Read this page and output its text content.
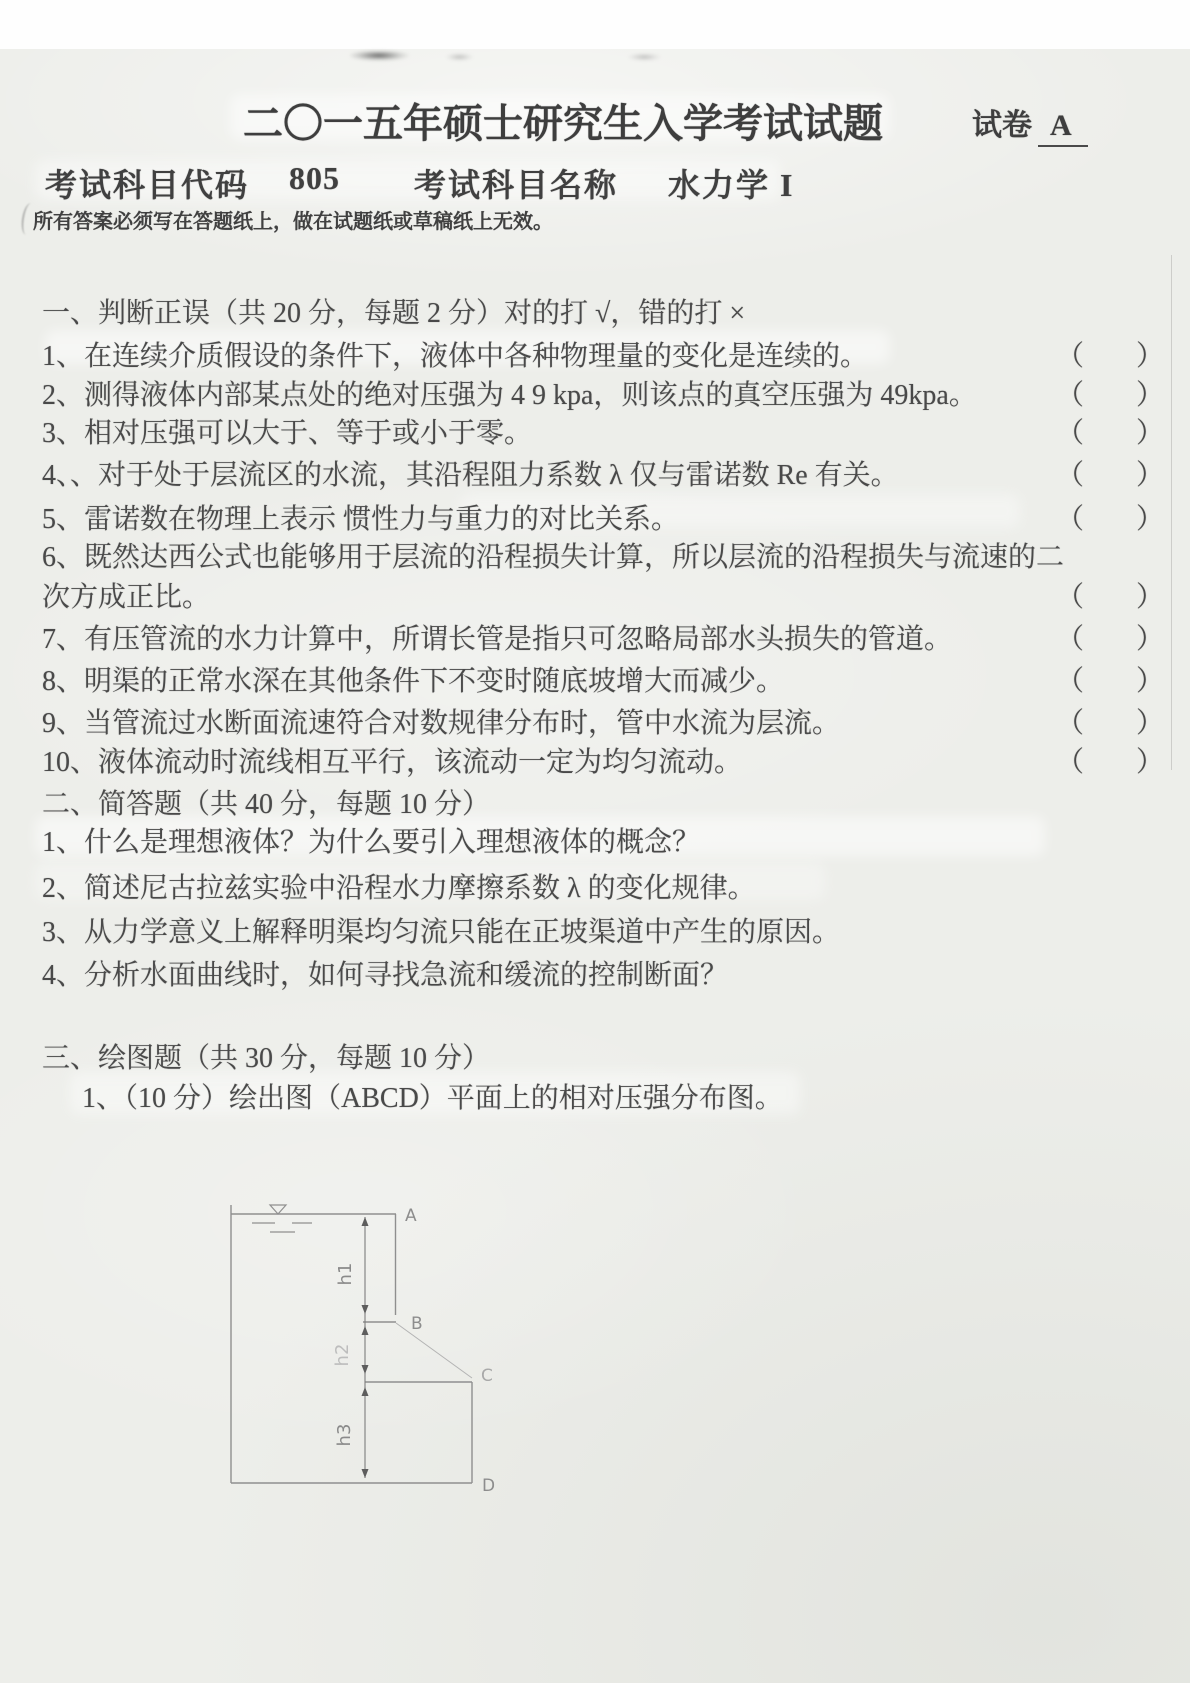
二〇一五年硕士研究生入学考试试题	试卷 A
考试科目代码 805 考试科目名称 水力学 I
所有答案必须写在答题纸上，做在试题纸或草稿纸上无效。
一、判断正误（共 20 分，每题 2 分）对的打 √，错的打 ×
1、在连续介质假设的条件下，液体中各种物理量的变化是连续的。	（ ）
2、测得液体内部某点处的绝对压强为 4 9 kpa，则该点的真空压强为 49kpa。	（ ）
3、相对压强可以大于、等于或小于零。	（ ）
4、、对于处于层流区的水流，其沿程阻力系数 λ 仅与雷诺数 Re 有关。	（ ）
5、雷诺数在物理上表示 惯性力与重力的对比关系。	（ ）
6、既然达西公式也能够用于层流的沿程损失计算，所以层流的沿程损失与流速的二
次方成正比。	（ ）
7、有压管流的水力计算中，所谓长管是指只可忽略局部水头损失的管道。	（ ）
8、明渠的正常水深在其他条件下不变时随底坡增大而减少。	（ ）
9、当管流过水断面流速符合对数规律分布时，管中水流为层流。	（ ）
10、液体流动时流线相互平行，该流动一定为均匀流动。	（ ）
二、简答题（共 40 分，每题 10 分）
1、什么是理想液体？为什么要引入理想液体的概念？
2、简述尼古拉兹实验中沿程水力摩擦系数 λ 的变化规律。
3、从力学意义上解释明渠均匀流只能在正坡渠道中产生的原因。
4、分析水面曲线时，如何寻找急流和缓流的控制断面？
三、绘图题（共 30 分，每题 10 分）
1、（10 分）绘出图（ABCD）平面上的相对压强分布图。
A
B
C
D
h1
h2
h3
